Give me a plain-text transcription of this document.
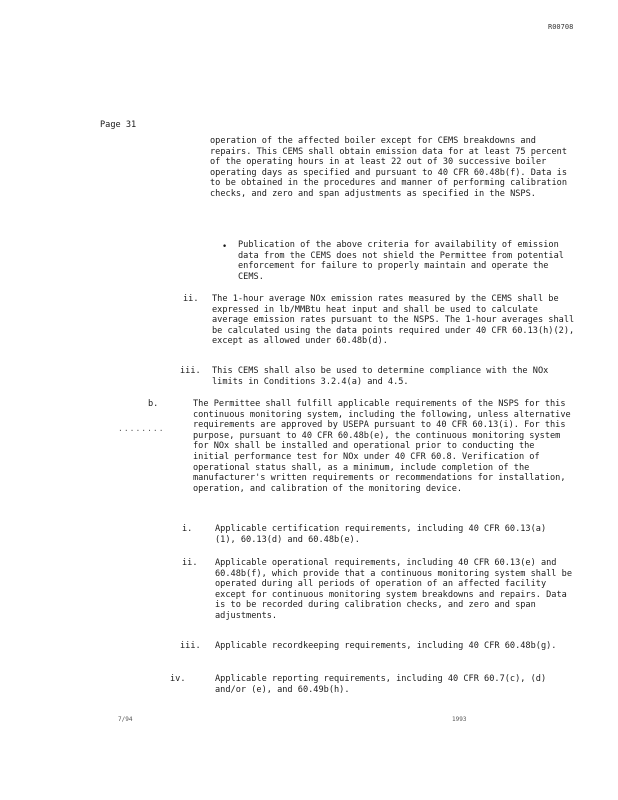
R00708
Page 31
operation of the affected boiler except for CEMS breakdowns and repairs. This CEMS shall obtain emission data for at least 75 percent of the operating hours in at least 22 out of 30 successive boiler operating days as specified and pursuant to 40 CFR 60.48b(f). Data is to be obtained in the procedures and manner of performing calibration checks, and zero and span adjustments as specified in the NSPS.
• Publication of the above criteria for availability of emission data from the CEMS does not shield the Permittee from potential enforcement for failure to properly maintain and operate the CEMS.
ii. The 1-hour average NOx emission rates measured by the CEMS shall be expressed in lb/MMBtu heat input and shall be used to calculate average emission rates pursuant to the NSPS. The 1-hour averages shall be calculated using the data points required under 40 CFR 60.13(h)(2), except as allowed under 60.48b(d).
iii. This CEMS shall also be used to determine compliance with the NOx limits in Conditions 3.2.4(a) and 4.5.
b.	The Permittee shall fulfill applicable requirements of the NSPS for this continuous monitoring system, including the following, unless alternative requirements are approved by USEPA pursuant to 40 CFR 60.13(i). For this purpose, pursuant to 40 CFR 60.48b(e), the continuous monitoring system for NOx shall be installed and operational prior to conducting the initial performance test for NOx under 40 CFR 60.8. Verification of operational status shall, as a minimum, include completion of the manufacturer's written requirements or recommendations for installation, operation, and calibration of the monitoring device.
........
i.	Applicable certification requirements, including 40 CFR 60.13(a)(1), 60.13(d) and 60.48b(e).
ii. Applicable operational requirements, including 40 CFR 60.13(e) and 60.48b(f), which provide that a continuous monitoring system shall be operated during all periods of operation of an affected facility except for continuous monitoring system breakdowns and repairs. Data is to be recorded during calibration checks, and zero and span adjustments.
iii. Applicable recordkeeping requirements, including 40 CFR 60.48b(g).
iv.	Applicable reporting requirements, including 40 CFR 60.7(c), (d) and/or (e), and 60.49b(h).
7/94	1993
